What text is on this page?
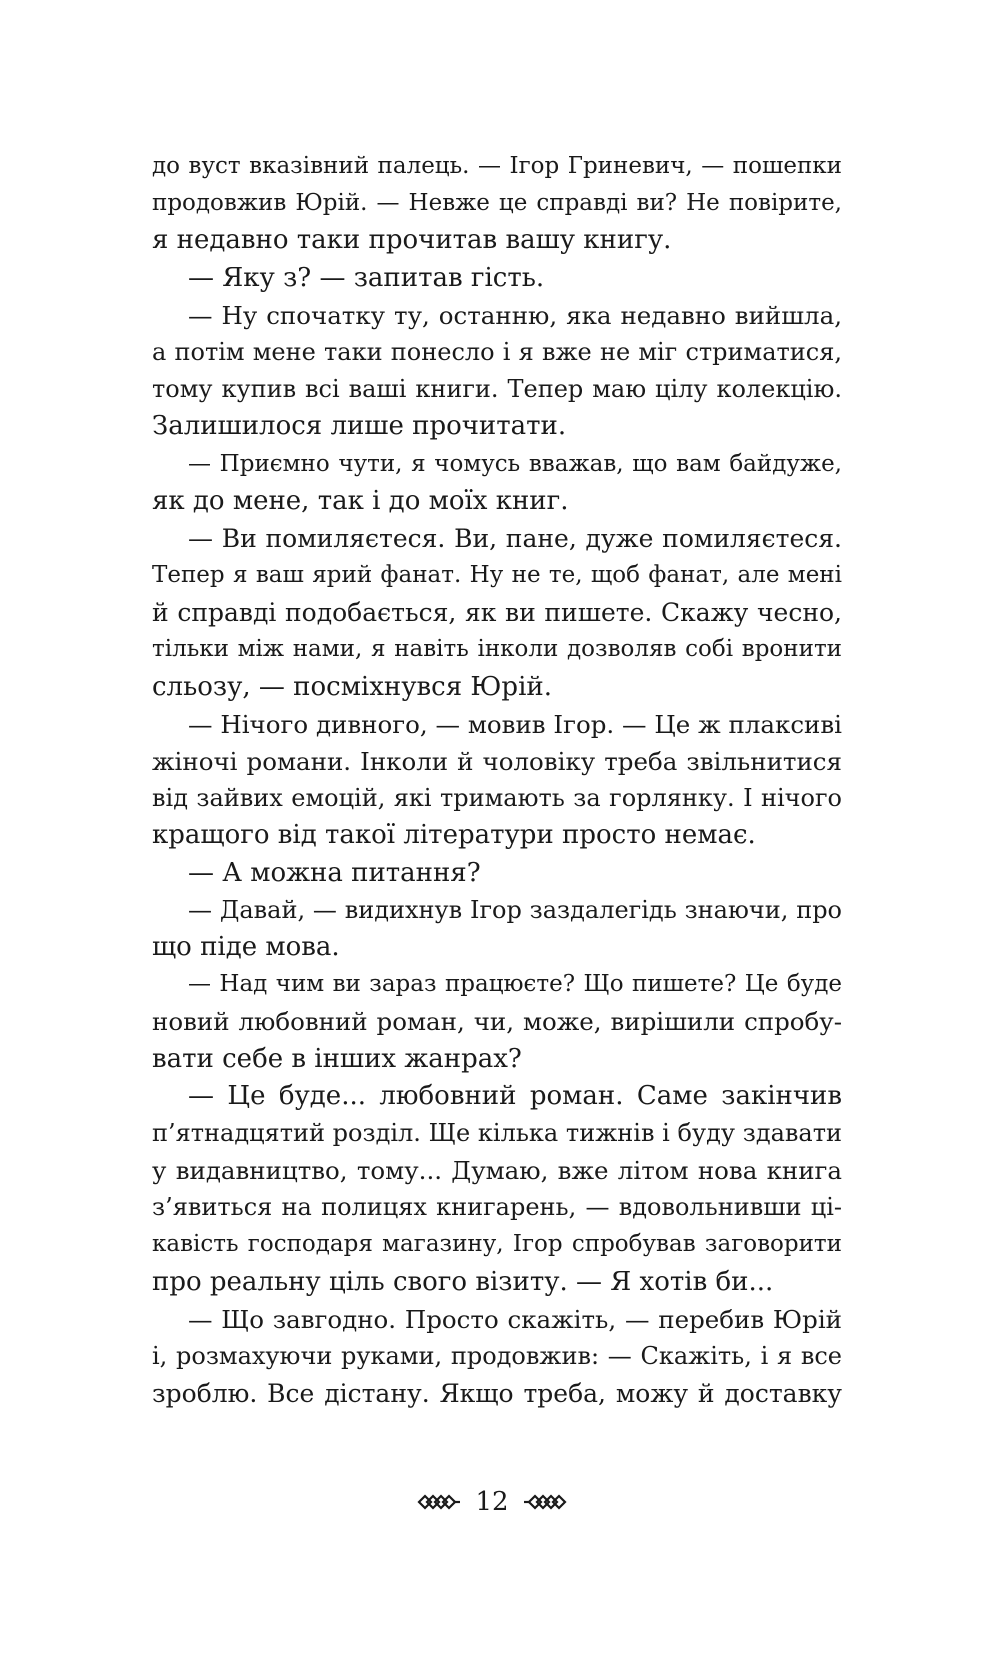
до вуст вказівний палець. — Ігор Гриневич, — пошепки
продовжив Юрій. — Невже це справді ви? Не повірите,
я недавно таки прочитав вашу книгу.
— Яку з? — запитав гість.
— Ну спочатку ту, останню, яка недавно вийшла,
а потім мене таки понесло і я вже не міг стриматися,
тому купив всі ваші книги. Тепер маю цілу колекцію.
Залишилося лише прочитати.
— Приємно чути, я чомусь вважав, що вам байдуже,
як до мене, так і до моїх книг.
— Ви помиляєтеся. Ви, пане, дуже помиляєтеся.
Тепер я ваш ярий фанат. Ну не те, щоб фанат, але мені
й справді подобається, як ви пишете. Скажу чесно,
тільки між нами, я навіть інколи дозволяв собі вронити
сльозу, — посміхнувся Юрій.
— Нічого дивного, — мовив Ігор. — Це ж плаксиві
жіночі романи. Інколи й чоловіку треба звільнитися
від зайвих емоцій, які тримають за горлянку. І нічого
кращого від такої літератури просто немає.
— А можна питання?
— Давай, — видихнув Ігор заздалегідь знаючи, про
що піде мова.
— Над чим ви зараз працюєте? Що пишете? Це буде
новий любовний роман, чи, може, вирішили спробу-
вати себе в інших жанрах?
— Це буде... любовний роман. Саме закінчив
п’ятнадцятий розділ. Ще кілька тижнів і буду здавати
у видавництво, тому... Думаю, вже літом нова книга
з’явиться на полицях книгарень, — вдовольнивши ці-
кавість господаря магазину, Ігор спробував заговорити
про реальну ціль свого візиту. — Я хотів би...
— Що завгодно. Просто скажіть, — перебив Юрій
і, розмахуючи руками, продовжив: — Скажіть, і я все
зроблю. Все дістану. Якщо треба, можу й доставку
12
